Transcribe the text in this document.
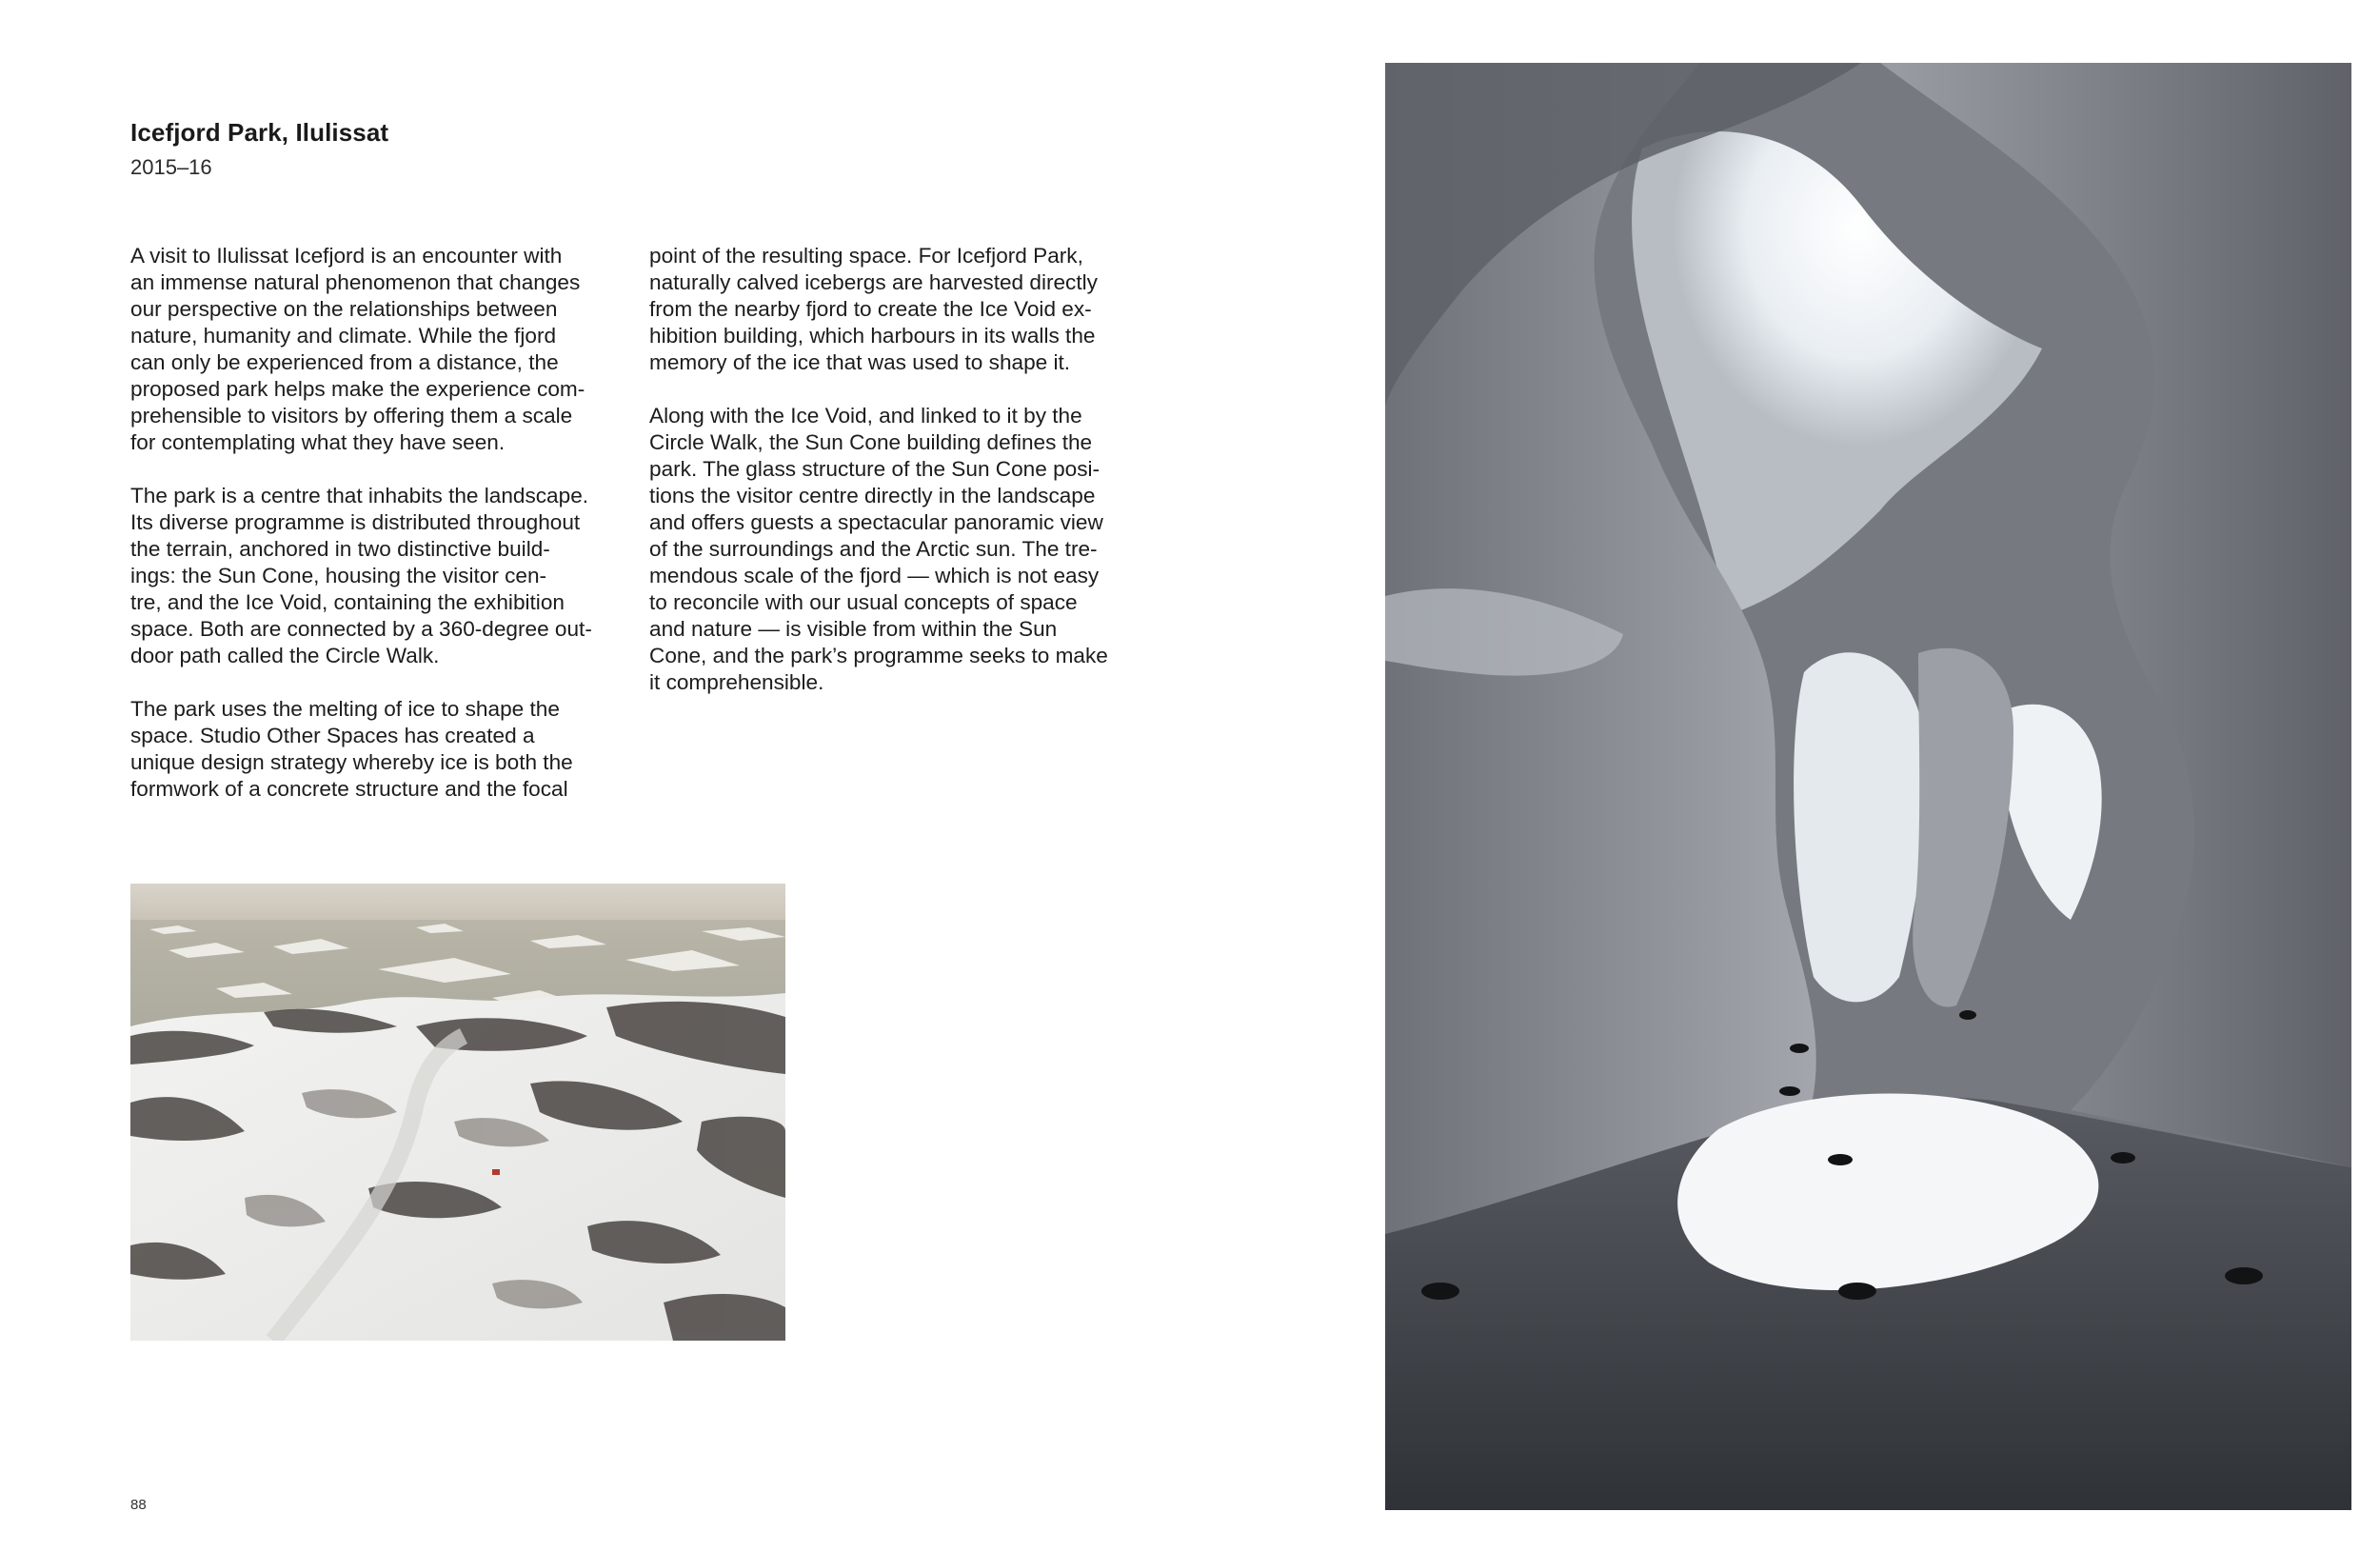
Icefjord Park, Ilulissat
2015–16

A visit to Ilulissat Icefjord is an encounter with
an immense natural phenomenon that changes
our perspective on the relationships between
nature, humanity and climate. While the fjord
can only be experienced from a distance, the
proposed park helps make the experience com-
prehensible to visitors by offering them a scale
for contemplating what they have seen.

The park is a centre that inhabits the landscape.
Its diverse programme is distributed throughout
the terrain, anchored in two distinctive build-
ings: the Sun Cone, housing the visitor cen-
tre, and the Ice Void, containing the exhibition
space. Both are connected by a 360-degree out-
door path called the Circle Walk.

The park uses the melting of ice to shape the
space. Studio Other Spaces has created a
unique design strategy whereby ice is both the
formwork of a concrete structure and the focal

point of the resulting space. For Icefjord Park,
naturally calved icebergs are harvested directly
from the nearby fjord to create the Ice Void ex-
hibition building, which harbours in its walls the
memory of the ice that was used to shape it.

Along with the Ice Void, and linked to it by the
Circle Walk, the Sun Cone building defines the
park. The glass structure of the Sun Cone posi-
tions the visitor centre directly in the landscape
and offers guests a spectacular panoramic view
of the surroundings and the Arctic sun. The tre-
mendous scale of the fjord — which is not easy
to reconcile with our usual concepts of space
and nature — is visible from within the Sun
Cone, and the park’s programme seeks to make
it comprehensible.

88
